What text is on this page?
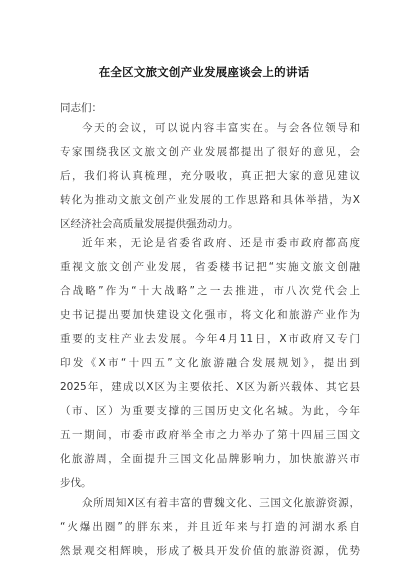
在全区文旅文创产业发展座谈会上的讲话
同志们：
今天的会议，可以说内容丰富实在。与会各位领导和
专家围绕我区文旅文创产业发展都提出了很好的意见，会
后，我们将认真梳理，充分吸收，真正把大家的意见建议
转化为推动文旅文创产业发展的工作思路和具体举措，为X
区经济社会高质量发展提供强劲动力。
近年来，无论是省委省政府、还是市委市政府都高度
重视文旅文创产业发展，省委楼书记把“实施文旅文创融
合战略”作为“十大战略”之一去推进，市八次党代会上
史书记提出要加快建设文化强市，将文化和旅游产业作为
重要的支柱产业去发展。今年4月11日，X市政府又专门
印发《X市“十四五”文化旅游融合发展规划》，提出到
2025年，建成以X区为主要依托、X区为新兴载体、其它县
（市、区）为重要支撑的三国历史文化名城。为此，今年
五一期间，市委市政府举全市之力举办了第十四届三国文
化旅游周，全面提升三国文化品牌影响力，加快旅游兴市
步伐。
众所周知X区有着丰富的曹魏文化、三国文化旅游资源，
“火爆出圈”的胖东来，并且近年来与打造的河湖水系自
然景观交相辉映，形成了极具开发价值的旅游资源，优势
